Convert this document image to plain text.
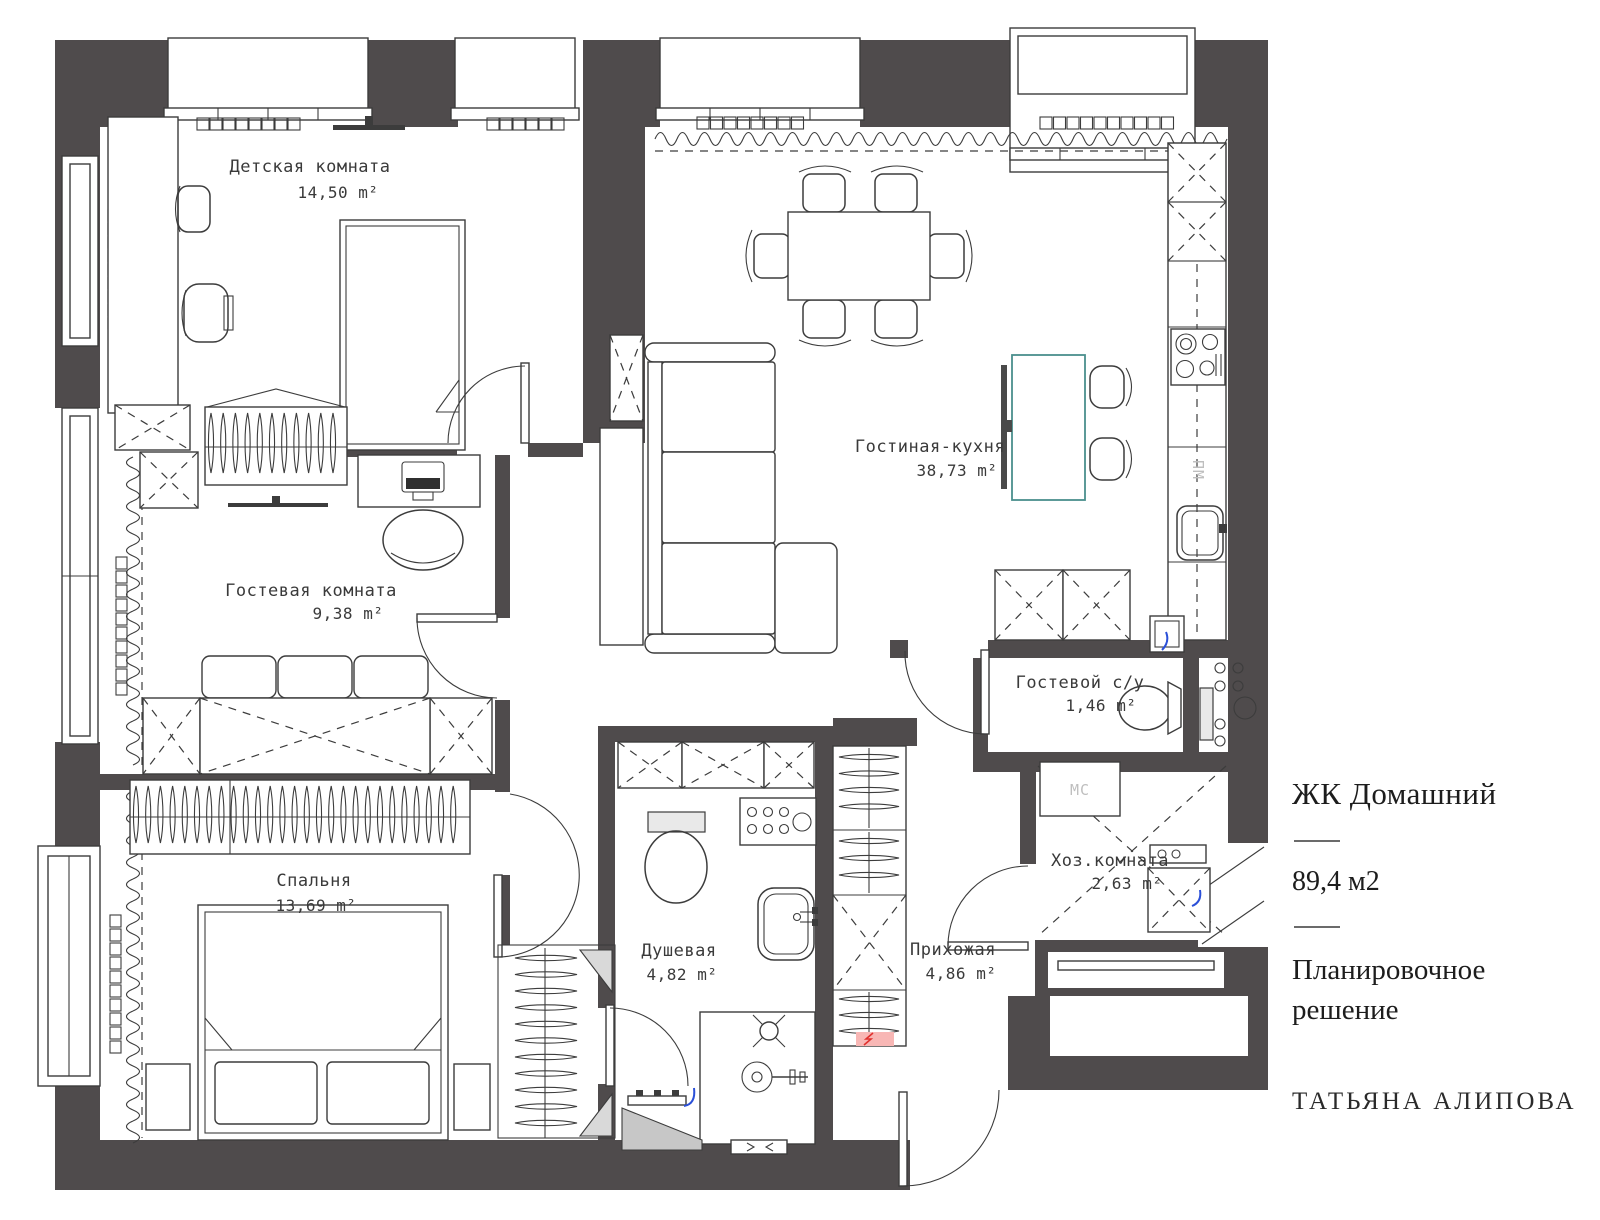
Детская комната
14,50 m²
Гостевая комната
9,38 m²
Спальня
13,69 m²
ПМ
Гостиная-кухня
38,73 m²
Гостевой с/у
1,46 m²
МС
Хоз.комната
2,63 m²
Душевая
4,82 m²
Прихожая
4,86 m²
ЖК Домашний
89,4 м2
Планировочное
решение
ТАТЬЯНА АЛИПОВА
